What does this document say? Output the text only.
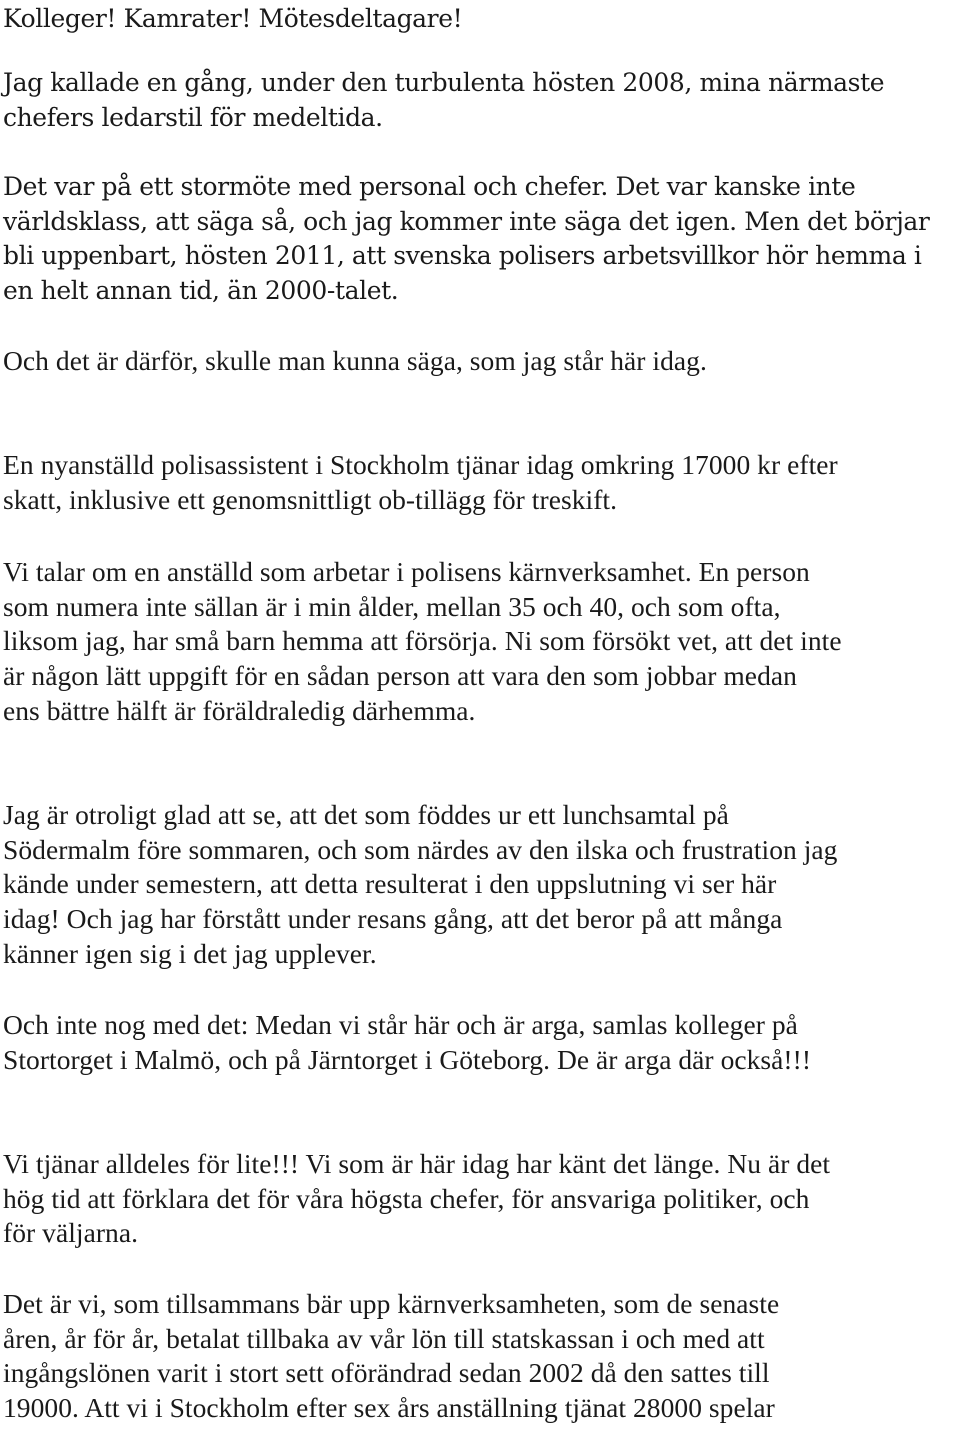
Kolleger! Kamrater! Mötesdeltagare!

Jag kallade en gång, under den turbulenta hösten 2008, mina närmaste
chefers ledarstil för medeltida.

Det var på ett stormöte med personal och chefer. Det var kanske inte
världsklass, att säga så, och jag kommer inte säga det igen. Men det börjar
bli uppenbart, hösten 2011, att svenska polisers arbetsvillkor hör hemma i
en helt annan tid, än 2000-talet.

Och det är därför, skulle man kunna säga, som jag står här idag.

En nyanställd polisassistent i Stockholm tjänar idag omkring 17000 kr efter
skatt, inklusive ett genomsnittligt ob-tillägg för treskift.

Vi talar om en anställd som arbetar i polisens kärnverksamhet. En person
som numera inte sällan är i min ålder, mellan 35 och 40, och som ofta,
liksom jag, har små barn hemma att försörja. Ni som försökt vet, att det inte
är någon lätt uppgift för en sådan person att vara den som jobbar medan
ens bättre hälft är föräldraledig därhemma.

Jag är otroligt glad att se, att det som föddes ur ett lunchsamtal på
Södermalm före sommaren, och som närdes av den ilska och frustration jag
kände under semestern, att detta resulterat i den uppslutning vi ser här
idag! Och jag har förstått under resans gång, att det beror på att många
känner igen sig i det jag upplever.

Och inte nog med det: Medan vi står här och är arga, samlas kolleger på
Stortorget i Malmö, och på Järntorget i Göteborg. De är arga där också!!!

Vi tjänar alldeles för lite!!! Vi som är här idag har känt det länge. Nu är det
hög tid att förklara det för våra högsta chefer, för ansvariga politiker, och
för väljarna.

Det är vi, som tillsammans bär upp kärnverksamheten, som de senaste
åren, år för år, betalat tillbaka av vår lön till statskassan i och med att
ingångslönen varit i stort sett oförändrad sedan 2002 då den sattes till
19000. Att vi i Stockholm efter sex års anställning tjänat 28000 spelar
